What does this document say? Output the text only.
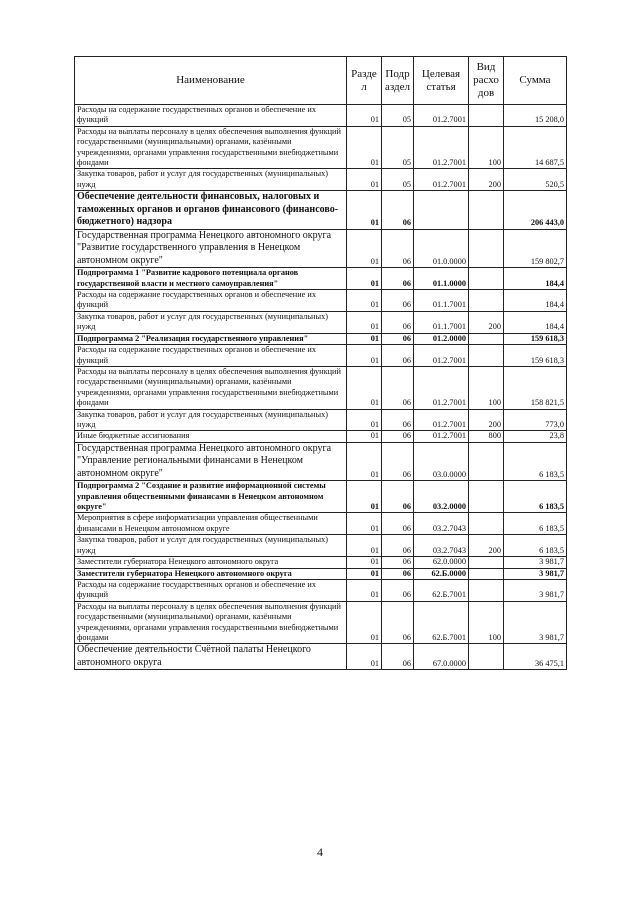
Наименование	Разде л	Подр аздел	Целевая статья	Вид расхо дов	Сумма
Расходы на содержание государственных органов и обеспечение их функций	01	05	01.2.7001		15 208,0
Расходы на выплаты персоналу в целях обеспечения выполнения функций государственными (муниципальными) органами, казёнными учреждениями, органами управления государственными внебюджетными фондами	01	05	01.2.7001	100	14 687,5
Закупка товаров, работ и услуг для государственных (муниципальных) нужд	01	05	01.2.7001	200	520,5
Обеспечение деятельности финансовых, налоговых и таможенных органов и органов финансового (финансово-бюджетного) надзора	01	06			206 443,0
Государственная программа Ненецкого автономного округа "Развитие государственного управления в Ненецком автономном округе"	01	06	01.0.0000		159 802,7
Подпрограмма 1 "Развитие кадрового потенциала органов государственной власти и местного самоуправления"	01	06	01.1.0000		184,4
Расходы на содержание государственных органов и обеспечение их функций	01	06	01.1.7001		184,4
Закупка товаров, работ и услуг для государственных (муниципальных) нужд	01	06	01.1.7001	200	184,4
Подпрограмма 2 "Реализация государственного управления"	01	06	01.2.0000		159 618,3
Расходы на содержание государственных органов и обеспечение их функций	01	06	01.2.7001		159 618,3
Расходы на выплаты персоналу в целях обеспечения выполнения функций государственными (муниципальными) органами, казёнными учреждениями, органами управления государственными внебюджетными фондами	01	06	01.2.7001	100	158 821,5
Закупка товаров, работ и услуг для государственных (муниципальных) нужд	01	06	01.2.7001	200	773,0
Иные бюджетные ассигнования	01	06	01.2.7001	800	23,8
Государственная программа Ненецкого автономного округа "Управление региональными финансами в Ненецком автономном округе"	01	06	03.0.0000		6 183,5
Подпрограмма 2 "Создание и развитие информационной системы управления общественными финансами в Ненецком автономном округе"	01	06	03.2.0000		6 183,5
Мероприятия в сфере информатизации управления общественными финансами в Ненецком автономном округе	01	06	03.2.7043		6 183,5
Закупка товаров, работ и услуг для государственных (муниципальных) нужд	01	06	03.2.7043	200	6 183,5
Заместители губернатора Ненецкого автономного округа	01	06	62.0.0000		3 981,7
Заместители губернатора Ненецкого автономного округа	01	06	62.Б.0000		3 981,7
Расходы на содержание государственных органов и обеспечение их функций	01	06	62.Б.7001		3 981,7
Расходы на выплаты персоналу в целях обеспечения выполнения функций государственными (муниципальными) органами, казёнными учреждениями, органами управления государственными внебюджетными фондами	01	06	62.Б.7001	100	3 981,7
Обеспечение деятельности Счётной палаты Ненецкого автономного округа	01	06	67.0.0000		36 475,1
4
